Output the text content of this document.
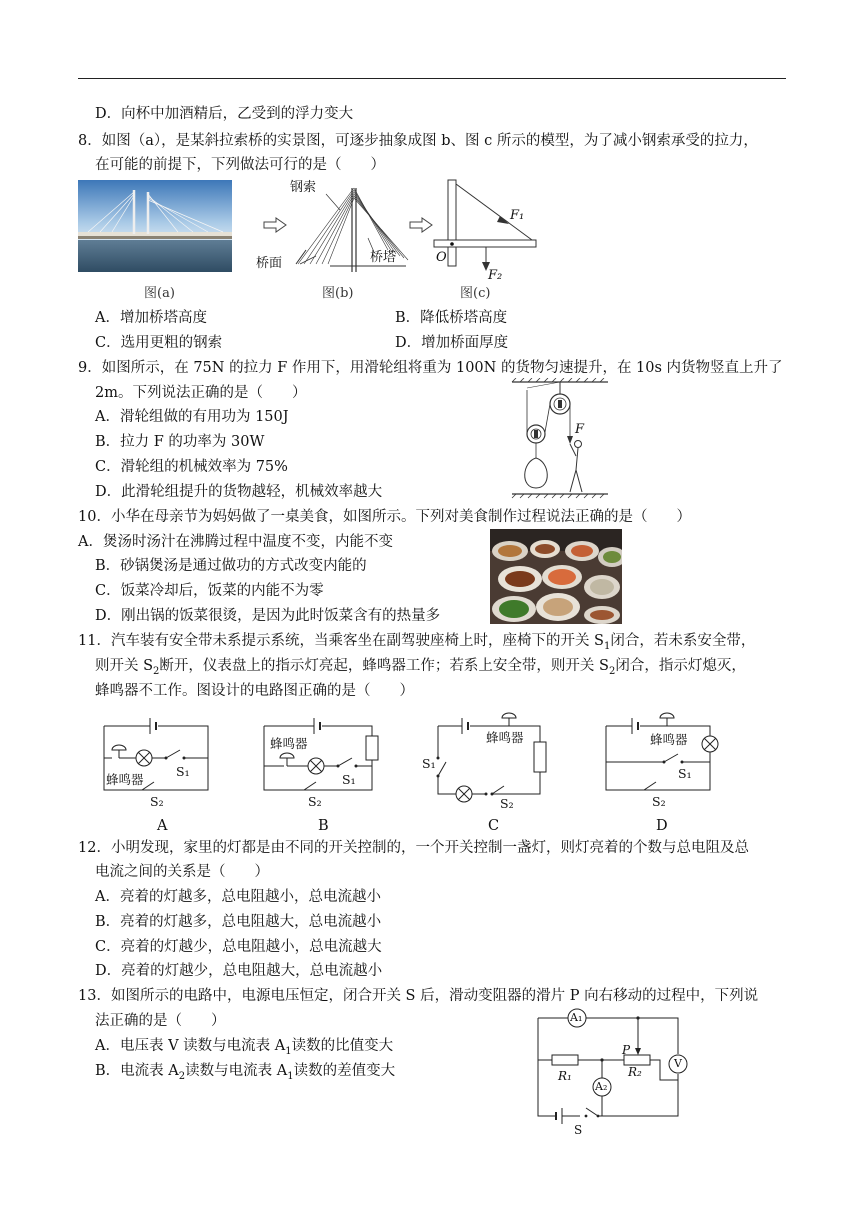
D．向杯中加酒精后，乙受到的浮力变大
8．如图（a），是某斜拉索桥的实景图，可逐步抽象成图 b、图 c 所示的模型，为了减小钢索承受的拉力，
在可能的前提下，下列做法可行的是（　　）
图(a)
钢索
桥面	桥塔
图(b)
F₁
F₂
O
图(c)
A．增加桥塔高度	B．降低桥塔高度
C．选用更粗的钢索	D．增加桥面厚度
9．如图所示，在 75N 的拉力 F 作用下，用滑轮组将重为 100N 的货物匀速提升，在 10s 内货物竖直上升了
2m。下列说法正确的是（　　）
A．滑轮组做的有用功为 150J
B．拉力 F 的功率为 30W
C．滑轮组的机械效率为 75%
D．此滑轮组提升的货物越轻，机械效率越大
F
10．小华在母亲节为妈妈做了一桌美食，如图所示。下列对美食制作过程说法正确的是（　　）
A．煲汤时汤汁在沸腾过程中温度不变，内能不变
B．砂锅煲汤是通过做功的方式改变内能的
C．饭菜冷却后，饭菜的内能不为零
D．刚出锅的饭菜很烫，是因为此时饭菜含有的热量多
11．汽车装有安全带未系提示系统，当乘客坐在副驾驶座椅上时，座椅下的开关 $S_1$闭合，若未系安全带，
则开关 $S_2$断开，仪表盘上的指示灯亮起，蜂鸣器工作；若系上安全带，则开关 $S_2$闭合，指示灯熄灭，
蜂鸣器不工作。图设计的电路图正确的是（　　）
蜂鸣器
S₁
S₂
A
蜂鸣器
S₁
S₂
B
蜂鸣器
S₁
S₂
C
蜂鸣器
S₁
S₂
D
12．小明发现，家里的灯都是由不同的开关控制的，一个开关控制一盏灯，则灯亮着的个数与总电阻及总
电流之间的关系是（　　）
A．亮着的灯越多，总电阻越小，总电流越小
B．亮着的灯越多，总电阻越大，总电流越小
C．亮着的灯越少，总电阻越小，总电流越大
D．亮着的灯越少，总电阻越大，总电流越小
13．如图所示的电路中，电源电压恒定，闭合开关 S 后，滑动变阻器的滑片 P 向右移动的过程中，下列说
法正确的是（　　）
A．电压表 V 读数与电流表 $A_1$读数的比值变大
B．电流表 $A_2$读数与电流表 $A_1$读数的差值变大
A₁
A₂
V
P
R₁	R₂
S
